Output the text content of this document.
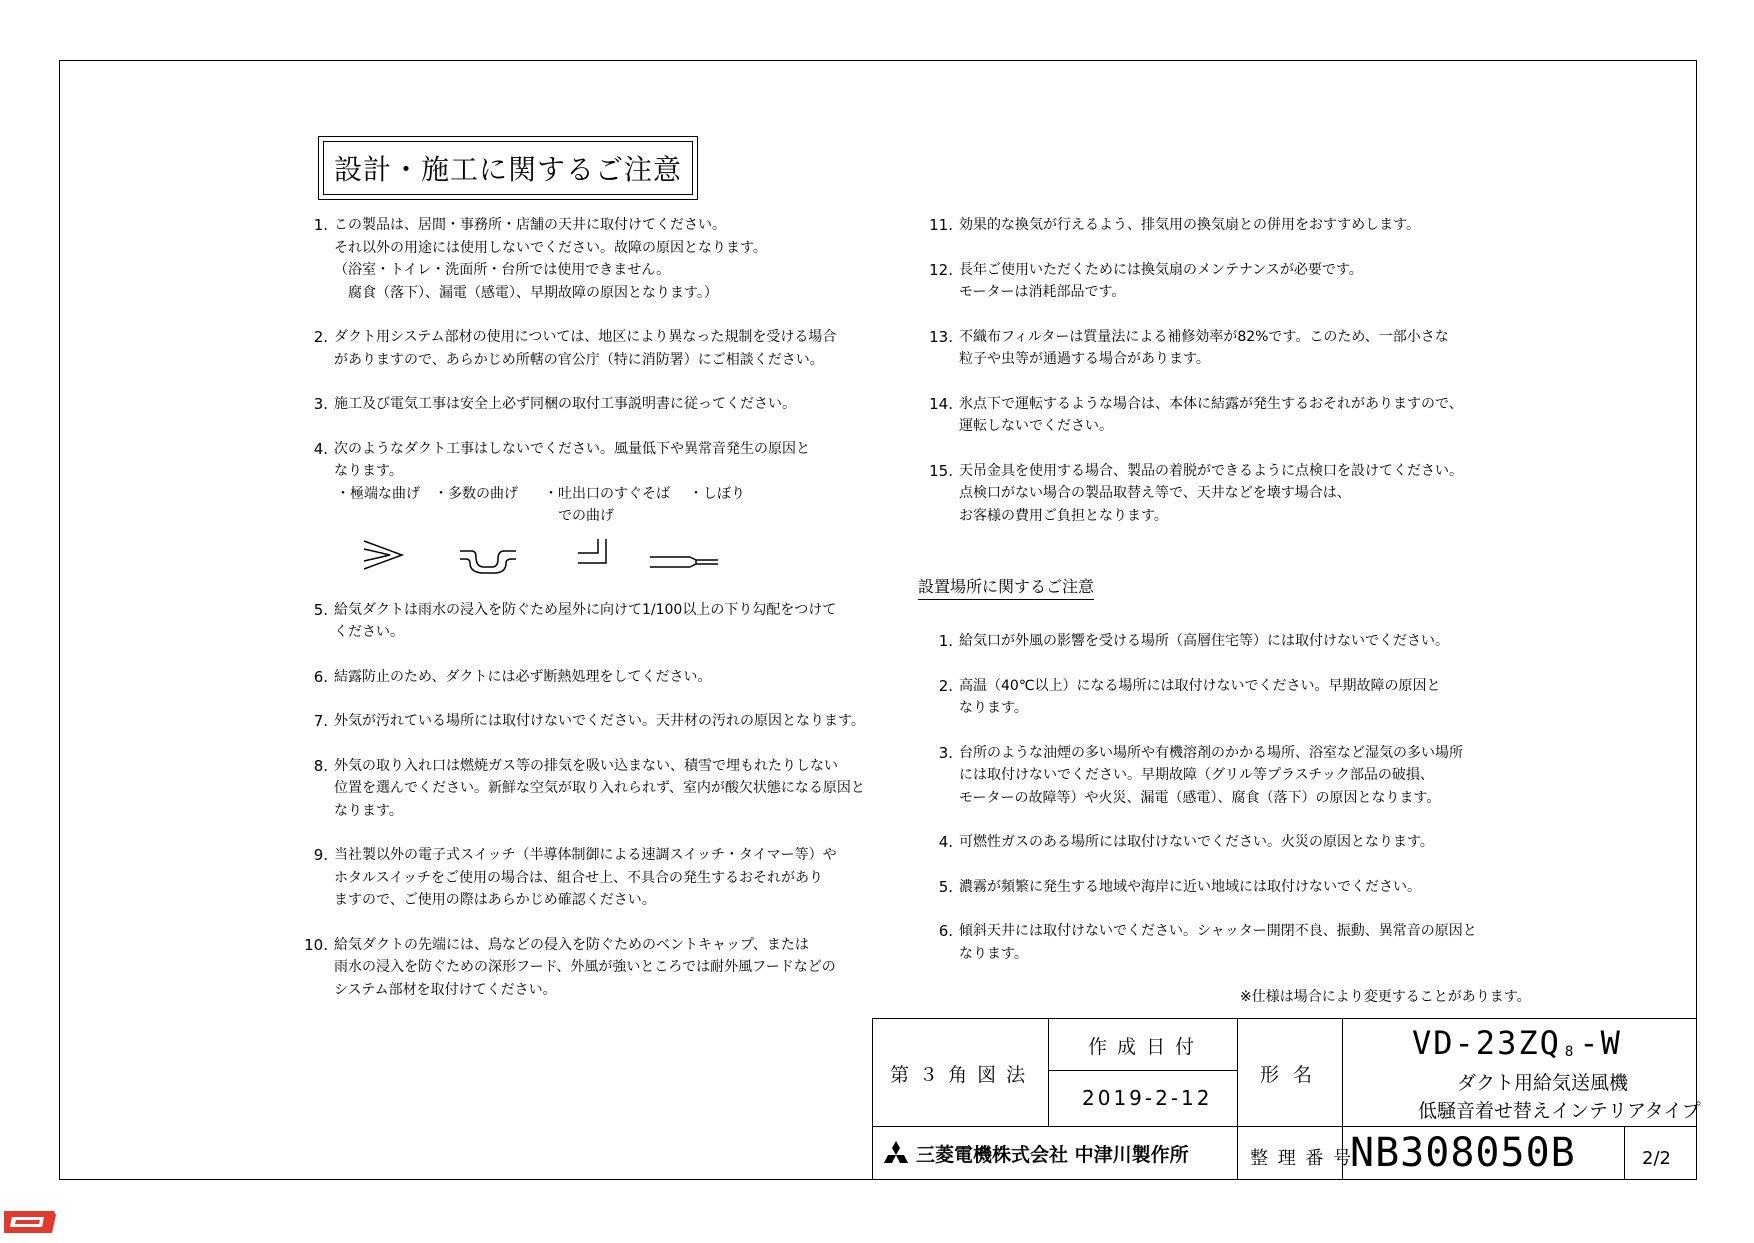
設計・施工に関するご注意
1. この製品は、居間・事務所・店舗の天井に取付けてください。
それ以外の用途には使用しないでください。故障の原因となります。
（浴室・トイレ・洗面所・台所では使用できません。
　腐食（落下）、漏電（感電）、早期故障の原因となります。）
2. ダクト用システム部材の使用については、地区により異なった規制を受ける場合
がありますので、あらかじめ所轄の官公庁（特に消防署）にご相談ください。
3. 施工及び電気工事は安全上必ず同梱の取付工事説明書に従ってください。
4. 次のようなダクト工事はしないでください。風量低下や異常音発生の原因と
なります。
・極端な曲げ ・多数の曲げ ・吐出口のすぐそば
での曲げ
・しぼり
5. 給気ダクトは雨水の浸入を防ぐため屋外に向けて1/100以上の下り勾配をつけて
ください。
6. 結露防止のため、ダクトには必ず断熱処理をしてください。
7. 外気が汚れている場所には取付けないでください。天井材の汚れの原因となります。
8. 外気の取り入れ口は燃焼ガス等の排気を吸い込まない、積雪で埋もれたりしない
位置を選んでください。新鮮な空気が取り入れられず、室内が酸欠状態になる原因と
なります。
9. 当社製以外の電子式スイッチ（半導体制御による速調スイッチ・タイマー等）や
ホタルスイッチをご使用の場合は、組合せ上、不具合の発生するおそれがあり
ますので、ご使用の際はあらかじめ確認ください。
10. 給気ダクトの先端には、鳥などの侵入を防ぐためのベントキャップ、または
雨水の浸入を防ぐための深形フード、外風が強いところでは耐外風フードなどの
システム部材を取付けてください。
11. 効果的な換気が行えるよう、排気用の換気扇との併用をおすすめします。
12. 長年ご使用いただくためには換気扇のメンテナンスが必要です。
モーターは消耗部品です。
13. 不織布フィルターは質量法による補修効率が82%です。このため、一部小さな
粒子や虫等が通過する場合があります。
14. 氷点下で運転するような場合は、本体に結露が発生するおそれがありますので、
運転しないでください。
15. 天吊金具を使用する場合、製品の着脱ができるように点検口を設けてください。
点検口がない場合の製品取替え等で、天井などを壊す場合は、
お客様の費用ご負担となります。
設置場所に関するご注意
1. 給気口が外風の影響を受ける場所（高層住宅等）には取付けないでください。
2. 高温（40℃以上）になる場所には取付けないでください。早期故障の原因と
なります。
3. 台所のような油煙の多い場所や有機溶剤のかかる場所、浴室など湿気の多い場所
には取付けないでください。早期故障（グリル等プラスチック部品の破損、
モーターの故障等）や火災、漏電（感電）、腐食（落下）の原因となります。
4. 可燃性ガスのある場所には取付けないでください。火災の原因となります。
5. 濃霧が頻繁に発生する地域や海岸に近い地域には取付けないでください。
6. 傾斜天井には取付けないでください。シャッター開閉不良、振動、異常音の原因と
なります。
※仕様は場合により変更することがあります。
第 ３ 角 図 法
作 成 日 付
2019-2-12
形 名
VD-23ZQ 8 -W
ダクト用給気送風機
低騒音着せ替えインテリアタイプ
三菱電機株式会社 中津川製作所	整 理 番 号
NB308050B	2/2
